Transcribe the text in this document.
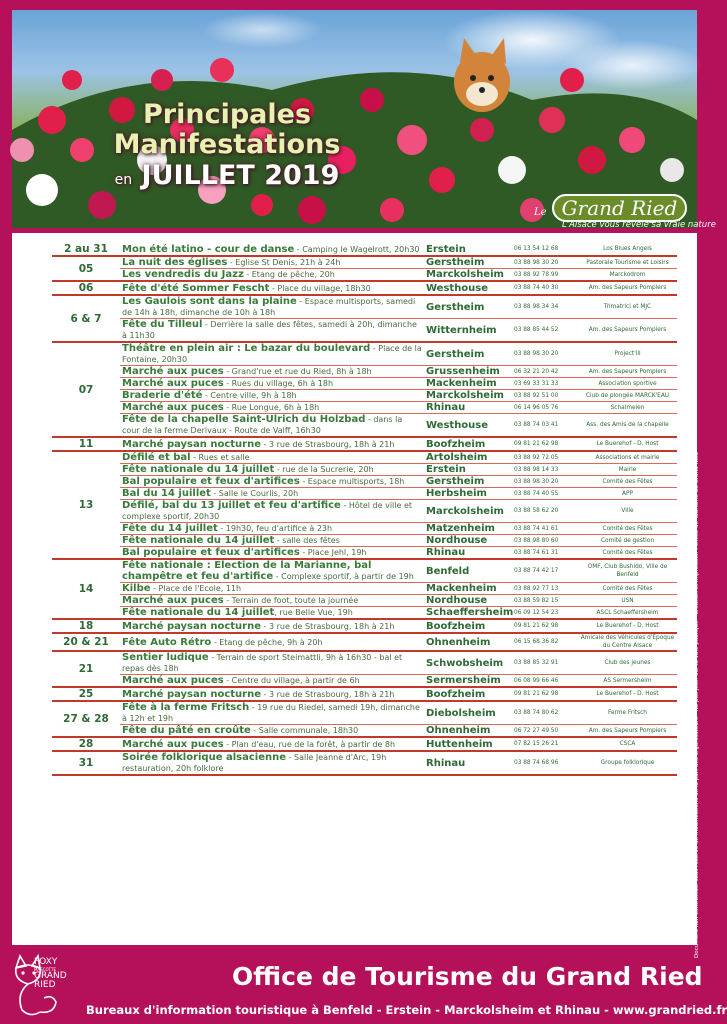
Principales
Manifestations
en JUILLET 2019
Le Grand Ried
L'Alsace vous révèle sa vraie nature
2 au 31	Mon été latino - cour de danse - Camping le Wagelrott, 20h30	Erstein	06 13 54 12 68	Los Blues Angels
05	La nuit des églises - Eglise St Denis, 21h à 24h	Gerstheim	03 88 98 30 20	Pastorale Tourisme et Loisirs
	Les vendredis du Jazz - Etang de pêche, 20h	Marckolsheim	03 88 92 78 99	Marckodrom
06	Fête d'été Sommer Fescht - Place du village, 18h30	Westhouse	03 88 74 40 30	Am. des Sapeurs Pompiers
6 & 7	Les Gaulois sont dans la plaine - Espace multisports, samedi de 14h à 18h, dimanche de 10h à 18h	Gerstheim	03 88 98 34 34	Trimatrici et MJC
	Fête du Tilleul - Derrière la salle des fêtes, samedi à 20h, dimanche à 11h30	Witternheim	03 88 85 44 52	Am. des Sapeurs Pompiers
07	Théâtre en plein air : Le bazar du boulevard - Place de la Fontaine, 20h30	Gerstheim	03 88 98 30 20	Project'ill
	Marché aux puces - Grand'rue et rue du Ried, 8h à 18h	Grussenheim	06 32 21 20 42	Am. des Sapeurs Pompiers
	Marché aux puces - Rues du village, 6h à 18h	Mackenheim	03 69 33 31 33	Association sportive
	Braderie d'été - Centre ville, 9h à 18h	Marckolsheim	03 88 92 51 00	Club de plongée MARCK'EAU
	Marché aux puces - Rue Longue, 6h à 18h	Rhinau	06 14 96 05 76	Schalmeien
	Fête de la chapelle Saint-Ulrich du Holzbad - dans la cour de la ferme Derivaux - Route de Valff, 16h30	Westhouse	03 88 74 03 41	Ass. des Amis de la chapelle
11	Marché paysan nocturne - 3 rue de Strasbourg, 18h à 21h	Boofzheim	09 81 21 62 98	Le Buerehof - D. Host
13	Défilé et bal - Rues et salle	Artolsheim	03 88 92 72 05	Associations et mairie
	Fête nationale du 14 juillet - rue de la Sucrerie, 20h	Erstein	03 88 98 14 33	Mairie
	Bal populaire et feux d'artifices - Espace multisports, 18h	Gerstheim	03 88 98 30 20	Comité des Fêtes
	Bal du 14 juillet - Salle le Courlis, 20h	Herbsheim	03 88 74 40 55	APP
	Défilé, bal du 13 juillet et feu d'artifice - Hôtel de ville et complexe sportif, 20h30	Marckolsheim	03 88 58 62 20	Ville
	Fête du 14 juillet - 19h30, feu d'artifice à 23h	Matzenheim	03 88 74 41 61	Comité des Fêtes
	Fête nationale du 14 juillet - salle des fêtes	Nordhouse	03 88 98 80 60	Comité de gestion
	Bal populaire et feux d'artifices - Place Jehl, 19h	Rhinau	03 88 74 61 31	Comité des Fêtes
14	Fête nationale : Election de la Marianne, bal champêtre et feu d'artifice - Complexe sportif, à partir de 19h	Benfeld	03 88 74 42 17	OMF, Club Bushido, Ville de Benfeld
	Kilbe - Place de l'Ecole, 11h	Mackenheim	03 88 92 77 13	Comité des Fêtes
	Marché aux puces - Terrain de foot, toute la journée	Nordhouse	03 88 59 82 15	USN
	Fête nationale du 14 juillet, rue Belle Vue, 19h	Schaeffersheim	06 09 12 54 23	ASCL Schaeffersheim
18	Marché paysan nocturne - 3 rue de Strasbourg, 18h à 21h	Boofzheim	09 81 21 62 98	Le Buerehof - D. Host
20 & 21	Fête Auto Rétro - Etang de pêche, 9h à 20h	Ohnenheim	06 15 68 36 82	Amicale des Véhicules d'Epoque du Centre Alsace
21	Sentier ludique - Terrain de sport Steimattli, 9h à 16h30 - bal et repas dès 18h	Schwobsheim	03 88 85 32 91	Club des jeunes
	Marché aux puces - Centre du village, à partir de 6h	Sermersheim	06 08 99 66 46	AS Sermersheim
25	Marché paysan nocturne - 3 rue de Strasbourg, 18h à 21h	Boofzheim	09 81 21 62 98	Le Buerehof - D. Host
27 & 28	Fête à la ferme Fritsch - 19 rue du Riedel, samedi 19h, dimanche à 12h et 19h	Diebolsheim	03 88 74 80 62	Ferme Fritsch
	Fête du pâté en croûte - Salle communale, 18h30	Ohnenheim	06 72 27 49 50	Am. des Sapeurs Pompiers
28	Marché aux puces - Plan d'eau, rue de la forêt, à partir de 8h	Huttenheim	07 82 15 26 21	CSCA
31	Soirée folklorique alsacienne - Salle Jeanne d'Arc, 19h restauration, 20h folklore	Rhinau	03 88 74 68 96	Groupe folklorique	Document non contractuel sous réserve de modifications de la part des organisateurs - Ne pas jeter sur la voie publique - Création et impression : Office de Tourisme du Grand Ried
FOXY
MASCOTTE
GRAND
RIED	Office de Tourisme du Grand Ried
Bureaux d'information touristique à Benfeld - Erstein - Marckolsheim et Rhinau - www.grandried.fr
